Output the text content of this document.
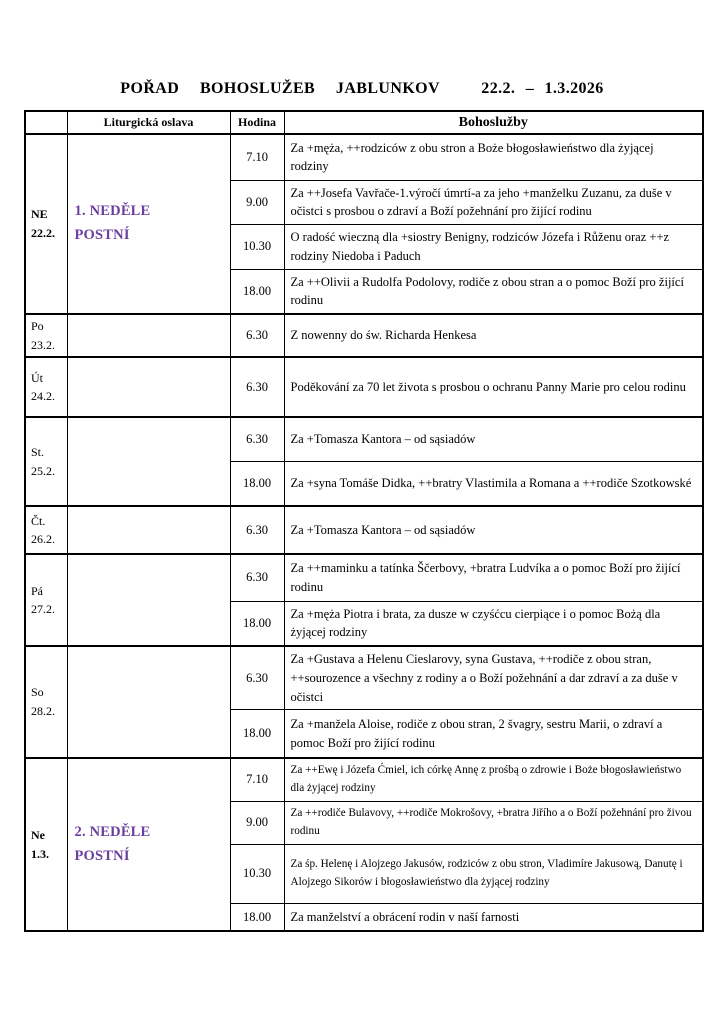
POŘAD  BOHOSLUŽEB  JABLUNKOV    22.2. – 1.3.2026
	Liturgická oslava	Hodina	Bohoslužby

NE
22.2.	1. NEDĚLE POSTNÍ	7.10	Za +męża, ++rodziców z obu stron a Boże błogosławieństwo dla żyjącej rodziny
		9.00	Za ++Josefa Vavřače-1.výročí úmrtí-a za jeho +manželku Zuzanu, za duše v očistci s prosbou o zdraví a Boží požehnání pro žijící rodinu
		10.30	O radość wieczną dla +siostry Benigny, rodziców Józefa i Růženu oraz ++z rodziny Niedoba i Paduch
		18.00	Za ++Olivii a Rudolfa Podolovy, rodiče z obou stran a o pomoc Boží pro žijící rodinu

Po
23.2.		6.30	Z nowenny do św. Richarda Henkesa

Út
24.2.		6.30	Poděkování za 70 let života s prosbou o ochranu Panny Marie pro celou rodinu

St.
25.2.		6.30	Za +Tomasza Kantora – od sąsiadów
		18.00	Za +syna Tomáše Didka, ++bratry Vlastimila a Romana a ++rodiče Szotkowské

Čt.
26.2.		6.30	Za +Tomasza Kantora – od sąsiadów

Pá
27.2.		6.30	Za ++maminku a tatínka Ščerbovy, +bratra Ludvíka a o pomoc Boží pro žijící rodinu
		18.00	Za +męża Piotra i brata, za dusze w czyśćcu cierpiące i o pomoc Bożą dla żyjącej rodziny

So
28.2.		6.30	Za +Gustava a Helenu Cieslarovy, syna Gustava, ++rodiče z obou stran, ++sourozence a všechny z rodiny a o Boží požehnání a dar zdraví a za duše v očistci
		18.00	Za +manžela Aloise, rodiče z obou stran, 2 švagry, sestru Marii, o zdraví a pomoc Boží pro žijící rodinu

Ne
1.3.	2. NEDĚLE POSTNÍ	7.10	Za ++Ewę i Józefa Ćmiel, ich córkę Annę z prośbą o zdrowie i Boże błogosławieństwo dla żyjącej rodziny
		9.00	Za ++rodiče Bulavovy, ++rodiče Mokrošovy, +bratra Jiřího a o Boží požehnání pro živou rodinu
		10.30	Za śp. Helenę i Alojzego Jakusów, rodziców z obu stron, Vladimíre Jakusową, Danutę i Alojzego Sikorów i błogosławieństwo dla żyjącej rodziny
		18.00	Za manželství a obrácení rodin v naší farnosti
